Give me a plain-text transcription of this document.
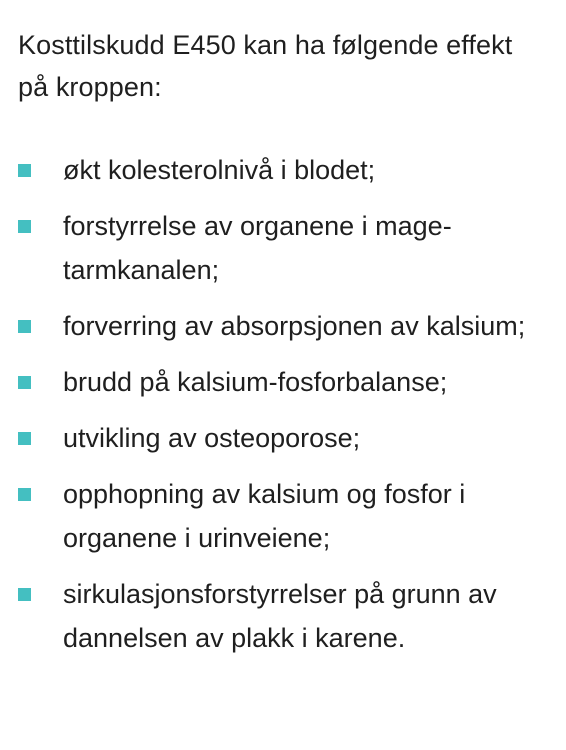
Kosttilskudd E450 kan ha følgende effekt på kroppen:

økt kolesterolnivå i blodet;
forstyrrelse av organene i mage-tarmkanalen;
forverring av absorpsjonen av kalsium;
brudd på kalsium-fosforbalanse;
utvikling av osteoporose;
opphopning av kalsium og fosfor i organene i urinveiene;
sirkulasjonsforstyrrelser på grunn av dannelsen av plakk i karene.
